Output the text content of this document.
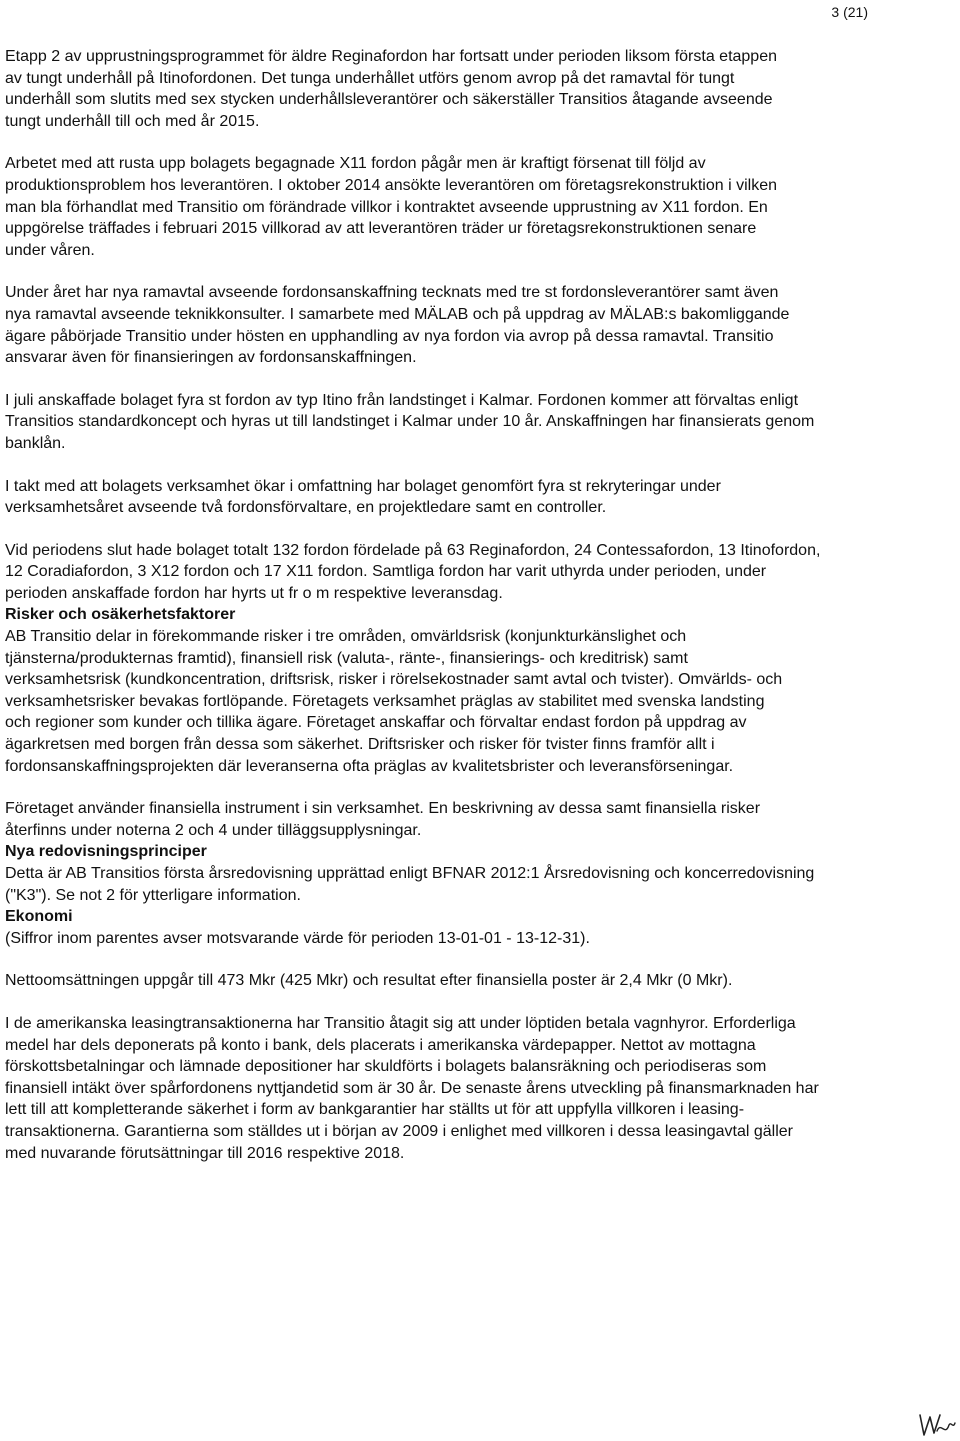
3 (21)

Etapp 2 av upprustningsprogrammet för äldre Reginafordon har fortsatt under perioden liksom första etappen
av tungt underhåll på Itinofordonen. Det tunga underhållet utförs genom avrop på det ramavtal för tungt
underhåll som slutits med sex stycken underhållsleverantörer och säkerställer Transitios åtagande avseende
tungt underhåll till och med år 2015.

Arbetet med att rusta upp bolagets begagnade X11 fordon pågår men är kraftigt försenat till följd av
produktionsproblem hos leverantören. I oktober 2014 ansökte leverantören om företagsrekonstruktion i vilken
man bla förhandlat med Transitio om förändrade villkor i kontraktet avseende upprustning av X11 fordon. En
uppgörelse träffades i februari 2015 villkorad av att leverantören träder ur företagsrekonstruktionen senare
under våren.

Under året har nya ramavtal avseende fordonsanskaffning tecknats med tre st fordonsleverantörer samt även
nya ramavtal avseende teknikkonsulter. I samarbete med MÄLAB och på uppdrag av MÄLAB:s bakomliggande
ägare påbörjade Transitio under hösten en upphandling av nya fordon via avrop på dessa ramavtal. Transitio
ansvarar även för finansieringen av fordonsanskaffningen.

I juli anskaffade bolaget fyra st fordon av typ Itino från landstinget i Kalmar. Fordonen kommer att förvaltas enligt
Transitios standardkoncept och hyras ut till landstinget i Kalmar under 10 år. Anskaffningen har finansierats genom
banklån.

I takt med att bolagets verksamhet ökar i omfattning har bolaget genomfört fyra st rekryteringar under
verksamhetsåret avseende två fordonsförvaltare, en projektledare samt en controller.

Vid periodens slut hade bolaget totalt 132 fordon fördelade på 63 Reginafordon, 24 Contessafordon, 13 Itinofordon,
12 Coradiafordon, 3 X12 fordon och 17 X11 fordon. Samtliga fordon har varit uthyrda under perioden, under
perioden anskaffade fordon har hyrts ut fr o m respektive leveransdag.

Risker och osäkerhetsfaktorer

AB Transitio delar in förekommande risker i tre områden, omvärldsrisk (konjunkturkänslighet och
tjänsterna/produkternas framtid), finansiell risk (valuta-, ränte-, finansierings- och kreditrisk) samt
verksamhetsrisk (kundkoncentration, driftsrisk, risker i rörelsekostnader samt avtal och tvister). Omvärlds- och
verksamhetsrisker bevakas fortlöpande. Företagets verksamhet präglas av stabilitet med svenska landsting
och regioner som kunder och tillika ägare. Företaget anskaffar och förvaltar endast fordon på uppdrag av
ägarkretsen med borgen från dessa som säkerhet. Driftsrisker och risker för tvister finns framför allt i
fordonsanskaffningsprojekten där leveranserna ofta präglas av kvalitetsbrister och leveransförseningar.

Företaget använder finansiella instrument i sin verksamhet. En beskrivning av dessa samt finansiella risker
återfinns under noterna 2 och 4 under tilläggsupplysningar.

Nya redovisningsprinciper

Detta är AB Transitios första årsredovisning upprättad enligt BFNAR 2012:1 Årsredovisning och koncerredovisning
("K3"). Se not 2 för ytterligare information.

Ekonomi

(Siffror inom parentes avser motsvarande värde för perioden 13-01-01 - 13-12-31).

Nettoomsättningen uppgår till 473 Mkr (425 Mkr) och resultat efter finansiella poster är 2,4 Mkr (0 Mkr).

I de amerikanska leasingtransaktionerna har Transitio åtagit sig att under löptiden betala vagnhyror. Erforderliga
medel har dels deponerats på konto i bank, dels placerats i amerikanska värdepapper. Nettot av mottagna
förskottsbetalningar och lämnade depositioner har skuldförts i bolagets balansräkning och periodiseras som
finansiell intäkt över spårfordonens nyttjandetid som är 30 år. De senaste årens utveckling på finansmarknaden har
lett till att kompletterande säkerhet i form av bankgarantier har ställts ut för att uppfylla villkoren i leasing-
transaktionerna. Garantierna som ställdes ut i början av 2009 i enlighet med villkoren i dessa leasingavtal gäller
med nuvarande förutsättningar till 2016 respektive 2018.
